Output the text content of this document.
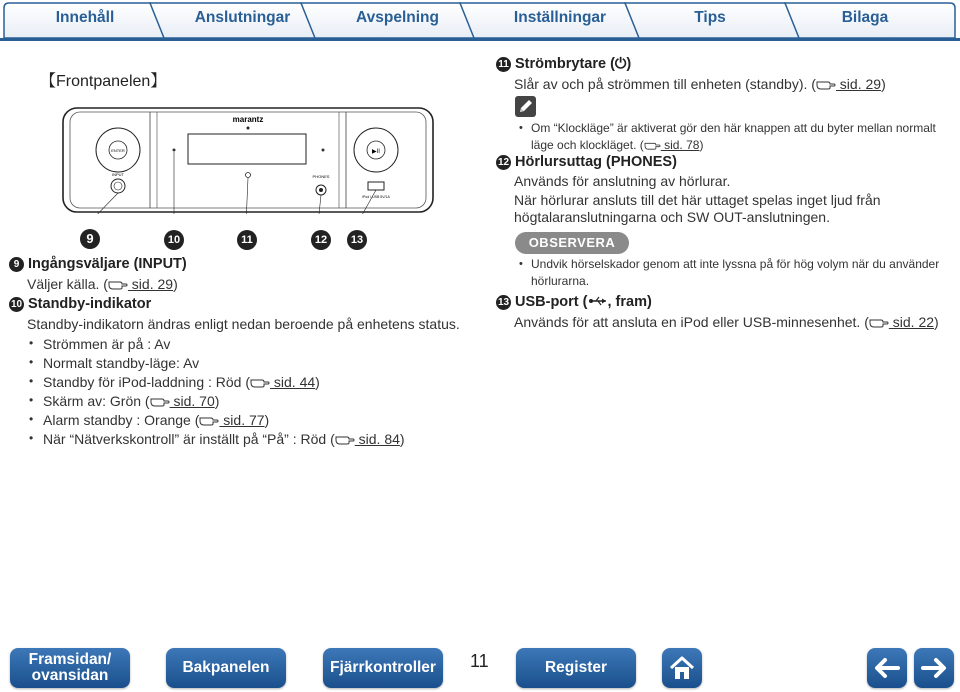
Innehåll	Anslutningar	Avspelning	Inställningar	Tips	Bilaga
【Frontpanelen】
ENTER	▶II
marantz
INPUT	PHONES
iPod / USB 5V/1A
9	10	11	12	13
9 Ingångsväljare (INPUT)
Väljer källa. ( sid. 29)
10 Standby-indikator
Standby-indikatorn ändras enligt nedan beroende på enhetens status.
• Strömmen är på : Av
• Normalt standby-läge: Av
• Standby för iPod-laddning : Röd ( sid. 44)
• Skärm av: Grön ( sid. 70)
• Alarm standby : Orange ( sid. 77)
• När “Nätverkskontroll” är inställt på “På” : Röd ( sid. 84)
11 Strömbrytare (⏻)
Slår av och på strömmen till enheten (standby). ( sid. 29)
• Om “Klockläge” är aktiverat gör den här knappen att du byter mellan normalt
läge och klockläget. ( sid. 78)
12 Hörlursuttag (PHONES)
Används för anslutning av hörlurar.
När hörlurar ansluts till det här uttaget spelas inget ljud från
högtalaranslutningarna och SW OUT-anslutningen.
OBSERVERA
• Undvik hörselskador genom att inte lyssna på för hög volym när du använder
hörlurarna.
13 USB-port ( , fram)
Används för att ansluta en iPod eller USB-minnesenhet. ( sid. 22)
Framsidan/
ovansidan	Bakpanelen	Fjärrkontroller	11	Register
